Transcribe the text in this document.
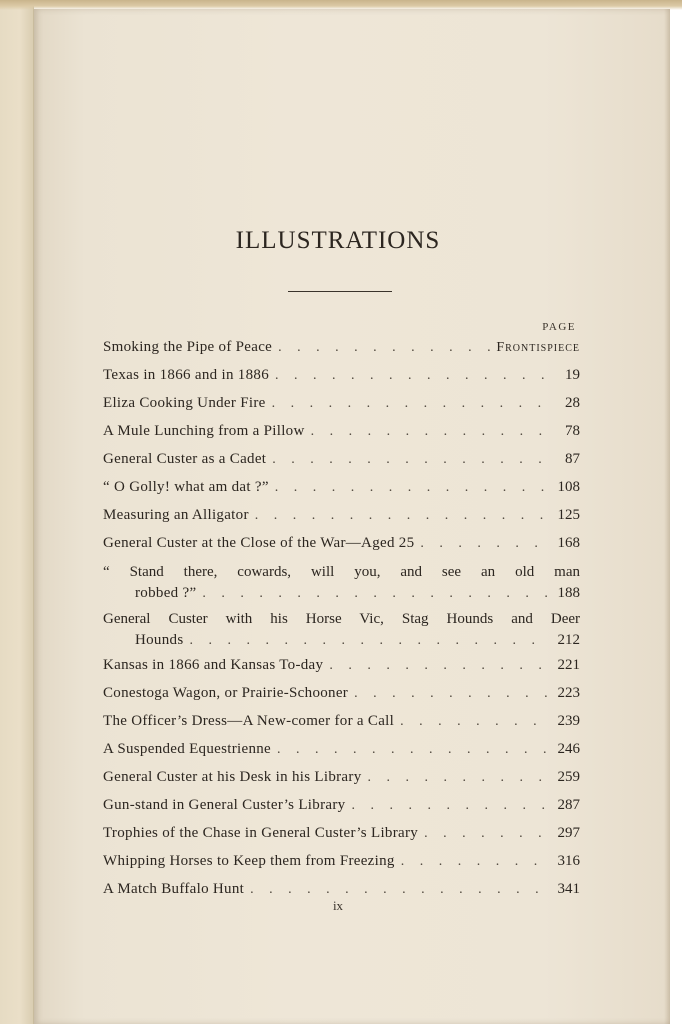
ILLUSTRATIONS
PAGE
Smoking the Pipe of Peace . . .	Frontispiece
Texas in 1866 and in 1886 . . .	19
Eliza Cooking Under Fire . . .	28
A Mule Lunching from a Pillow . . .	78
General Custer as a Cadet . . .	87
“ O Golly! what am dat ?” . . .	108
Measuring an Alligator . . .	125
General Custer at the Close of the War—Aged 25 . . .	168
“ Stand there, cowards, will you, and see an old man
robbed ?” . . .	188
General Custer with his Horse Vic, Stag Hounds and Deer
Hounds . . .	212
Kansas in 1866 and Kansas To-day . . .	221
Conestoga Wagon, or Prairie-Schooner . . .	223
The Officer’s Dress—A New-comer for a Call . . .	239
A Suspended Equestrienne . . .	246
General Custer at his Desk in his Library . . .	259
Gun-stand in General Custer’s Library . . .	287
Trophies of the Chase in General Custer’s Library . . .	297
Whipping Horses to Keep them from Freezing . . .	316
A Match Buffalo Hunt . . .	341
ix
